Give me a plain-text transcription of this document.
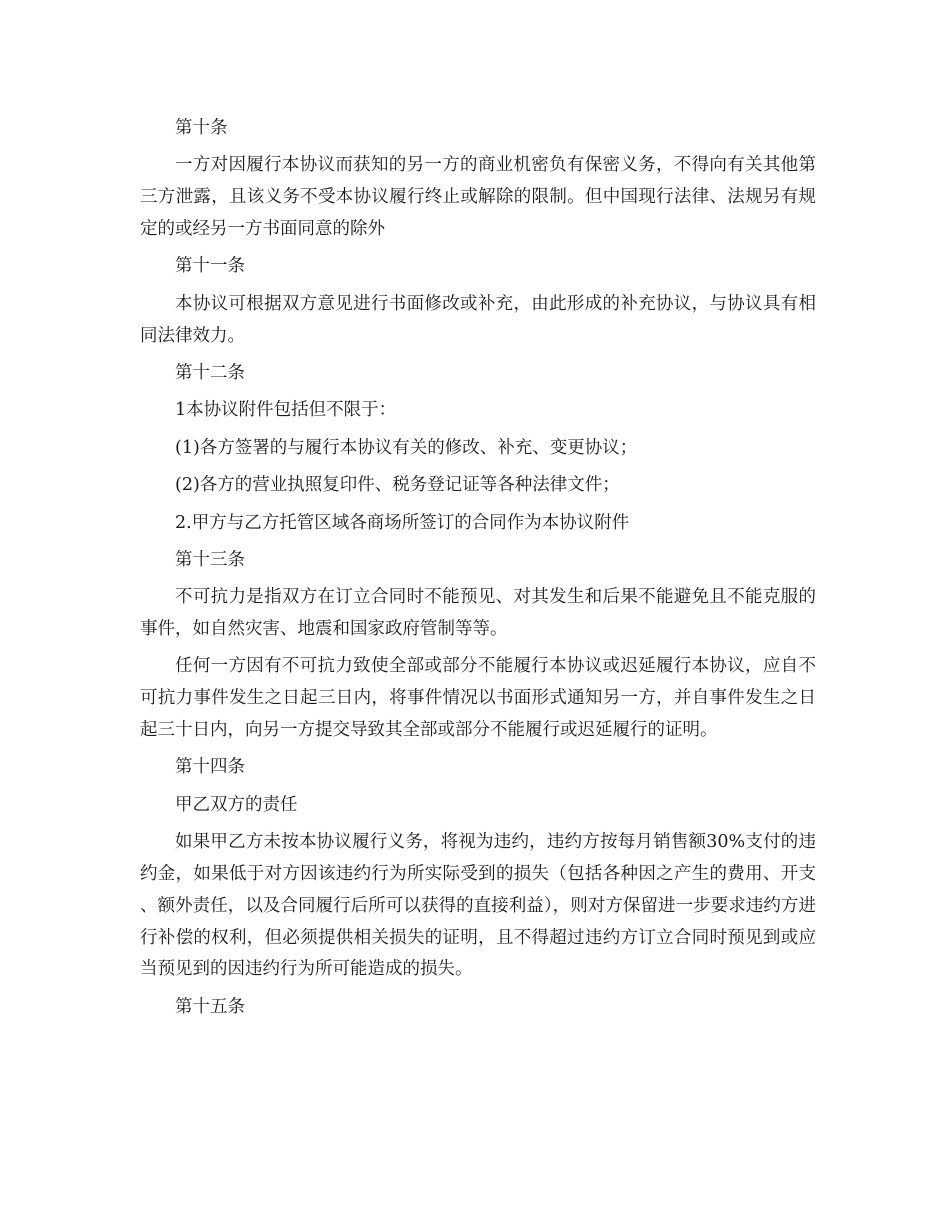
第十条

一方对因履行本协议而获知的另一方的商业机密负有保密义务，不得向有关其他第三方泄露，且该义务不受本协议履行终止或解除的限制。但中国现行法律、法规另有规定的或经另一方书面同意的除外

第十一条

本协议可根据双方意见进行书面修改或补充，由此形成的补充协议，与协议具有相同法律效力。

第十二条

1本协议附件包括但不限于：

(1)各方签署的与履行本协议有关的修改、补充、变更协议；

(2)各方的营业执照复印件、税务登记证等各种法律文件；

2.甲方与乙方托管区域各商场所签订的合同作为本协议附件

第十三条

不可抗力是指双方在订立合同时不能预见、对其发生和后果不能避免且不能克服的事件，如自然灾害、地震和国家政府管制等等。

任何一方因有不可抗力致使全部或部分不能履行本协议或迟延履行本协议，应自不可抗力事件发生之日起三日内，将事件情况以书面形式通知另一方，并自事件发生之日起三十日内，向另一方提交导致其全部或部分不能履行或迟延履行的证明。

第十四条

甲乙双方的责任

如果甲乙方未按本协议履行义务，将视为违约，违约方按每月销售额30%支付的违约金，如果低于对方因该违约行为所实际受到的损失（包括各种因之产生的费用、开支、额外责任，以及合同履行后所可以获得的直接利益），则对方保留进一步要求违约方进行补偿的权利，但必须提供相关损失的证明，且不得超过违约方订立合同时预见到或应当预见到的因违约行为所可能造成的损失。

第十五条
